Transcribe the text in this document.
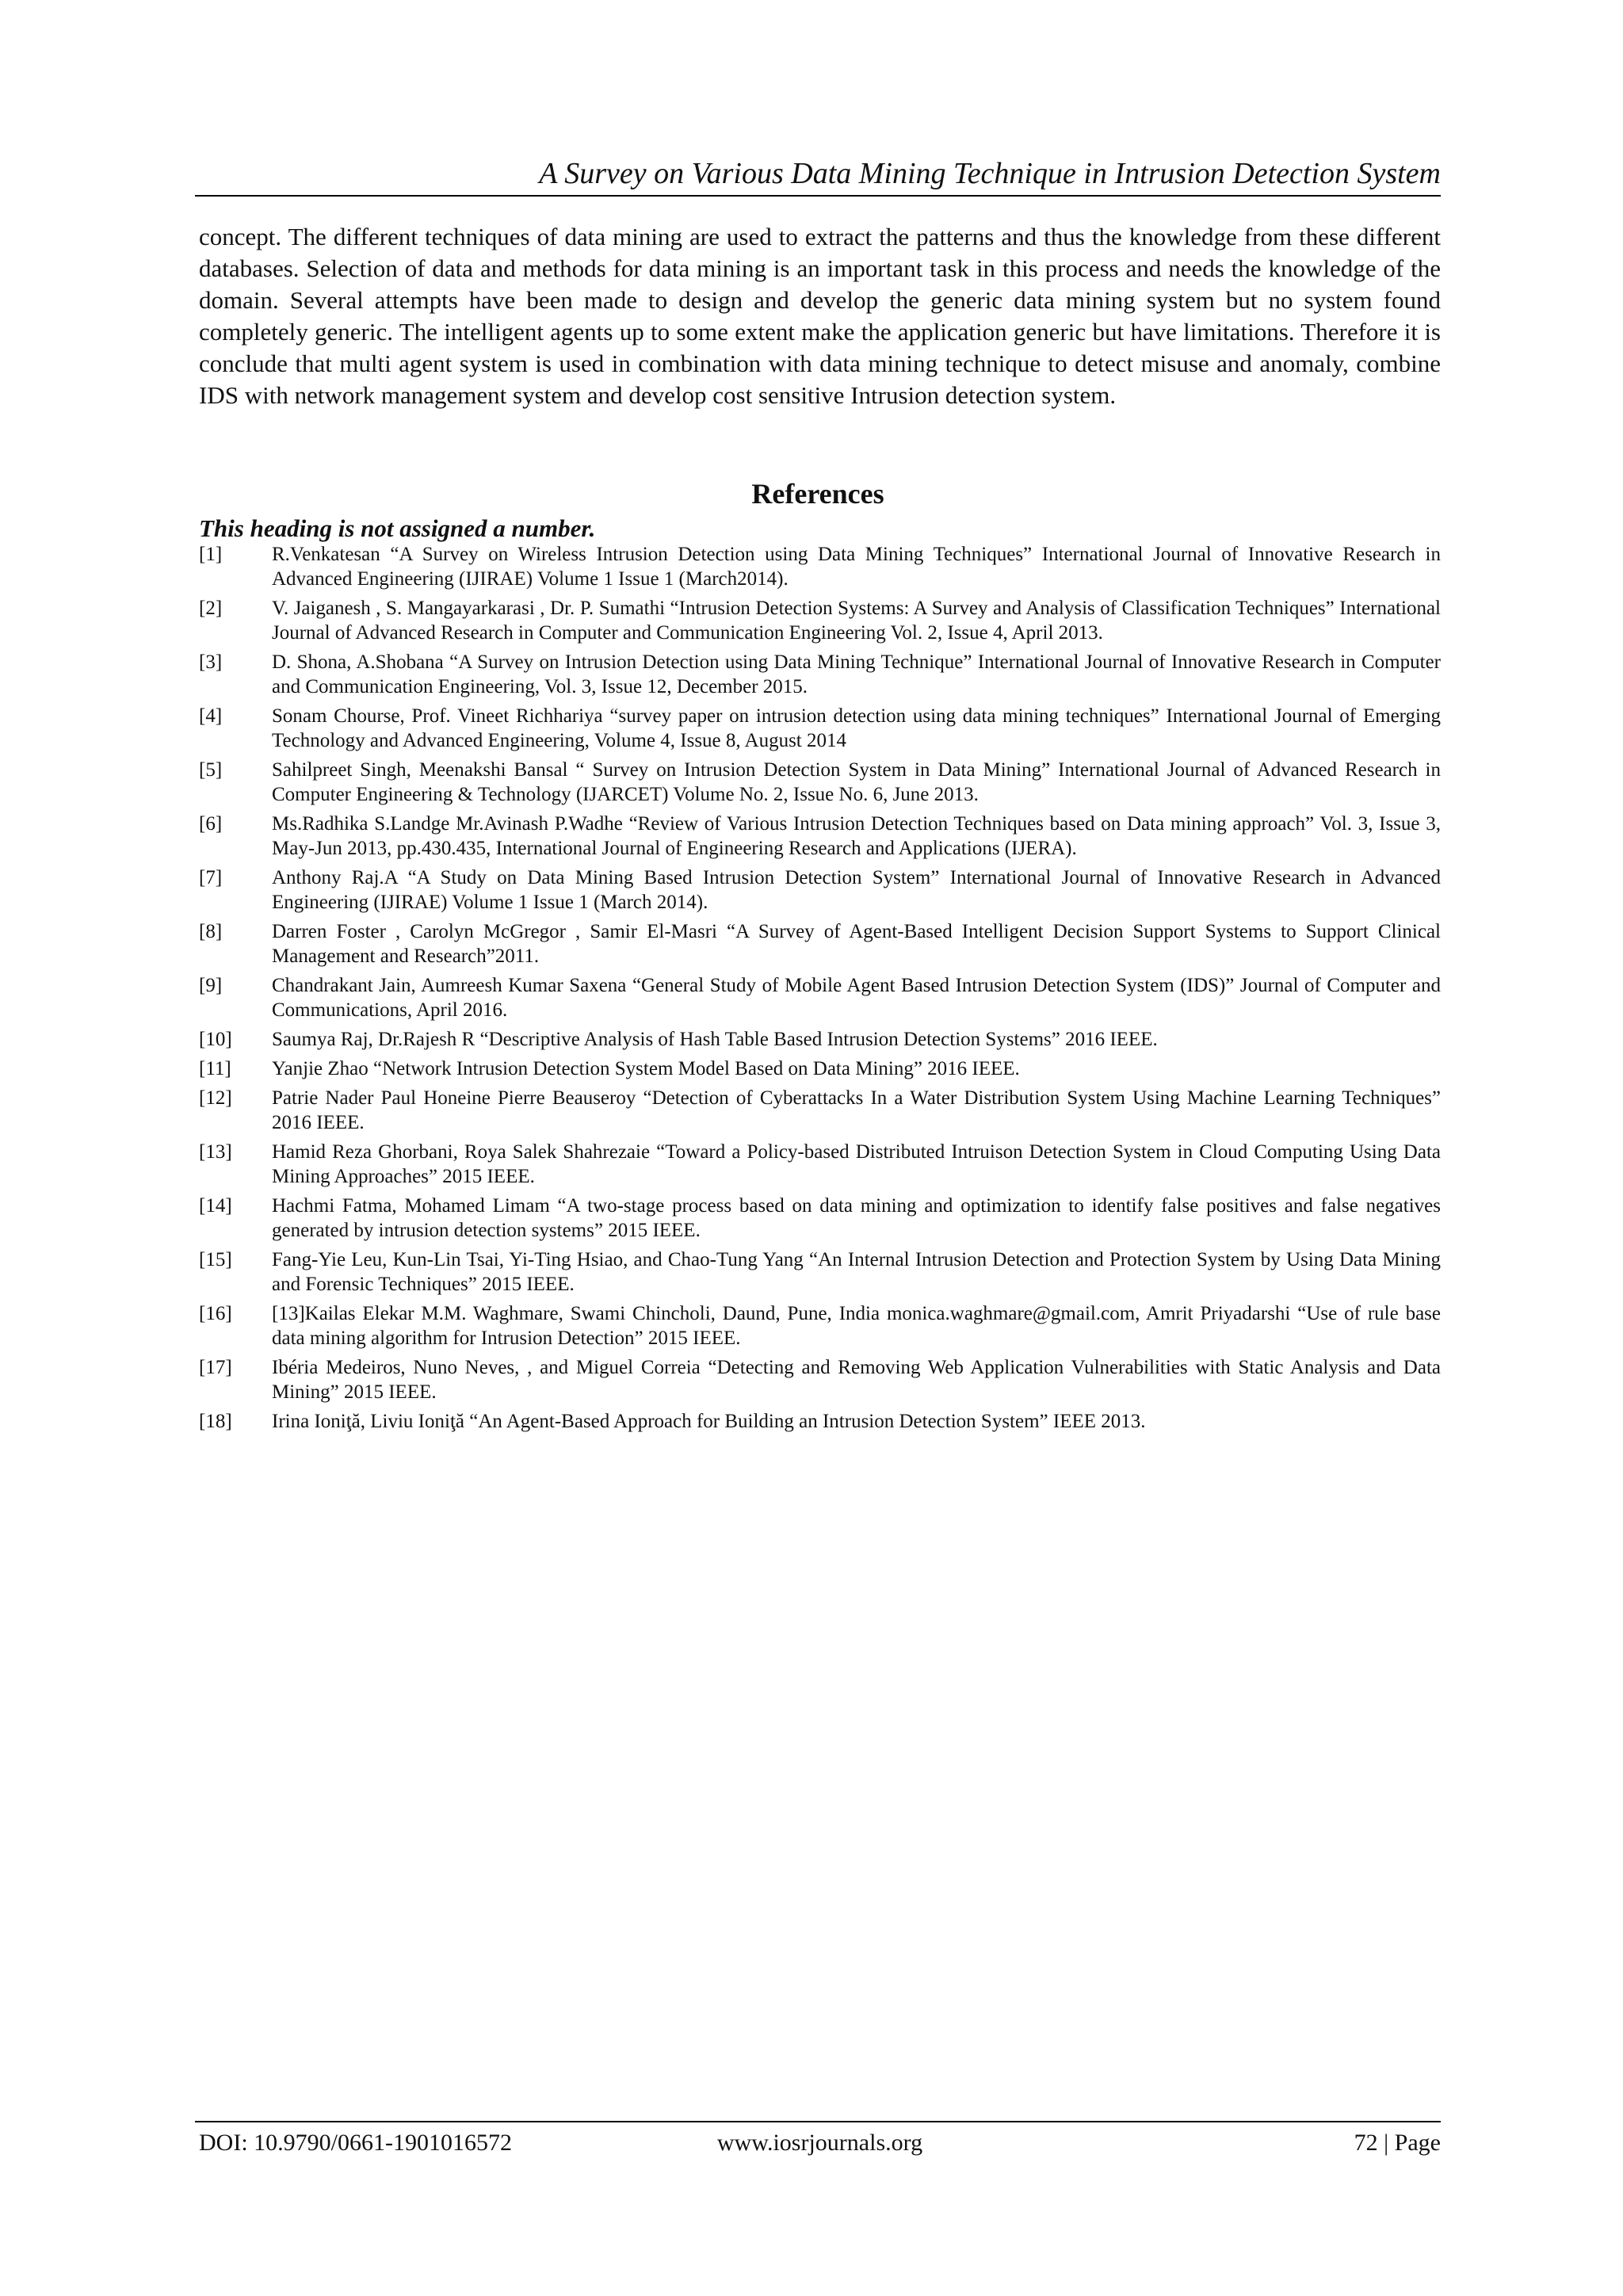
A Survey on Various Data Mining Technique in Intrusion Detection System

concept. The different techniques of data mining are used to extract the patterns and thus the knowledge from these different databases. Selection of data and methods for data mining is an important task in this process and needs the knowledge of the domain. Several attempts have been made to design and develop the generic data mining system but no system found completely generic. The intelligent agents up to some extent make the application generic but have limitations. Therefore it is conclude that multi agent system is used in combination with data mining technique to detect misuse and anomaly, combine IDS with network management system and develop cost sensitive Intrusion detection system.

References
This heading is not assigned a number.
[1]	R.Venkatesan “A Survey on Wireless Intrusion Detection using Data Mining Techniques” International Journal of Innovative Research in Advanced Engineering (IJIRAE) Volume 1 Issue 1 (March2014).
[2]	V. Jaiganesh , S. Mangayarkarasi , Dr. P. Sumathi “Intrusion Detection Systems: A Survey and Analysis of Classification Techniques” International Journal of Advanced Research in Computer and Communication Engineering Vol. 2, Issue 4, April 2013.
[3]	D. Shona, A.Shobana “A Survey on Intrusion Detection using Data Mining Technique” International Journal of Innovative Research in Computer and Communication Engineering, Vol. 3, Issue 12, December 2015.
[4]	Sonam Chourse, Prof. Vineet Richhariya “survey paper on intrusion detection using data mining techniques” International Journal of Emerging Technology and Advanced Engineering, Volume 4, Issue 8, August 2014
[5]	Sahilpreet Singh, Meenakshi Bansal “ Survey on Intrusion Detection System in Data Mining” International Journal of Advanced Research in Computer Engineering & Technology (IJARCET) Volume No. 2, Issue No. 6, June 2013.
[6]	Ms.Radhika S.Landge Mr.Avinash P.Wadhe “Review of Various Intrusion Detection Techniques based on Data mining approach” Vol. 3, Issue 3, May-Jun 2013, pp.430.435, International Journal of Engineering Research and Applications (IJERA).
[7]	Anthony Raj.A “A Study on Data Mining Based Intrusion Detection System” International Journal of Innovative Research in Advanced Engineering (IJIRAE) Volume 1 Issue 1 (March 2014).
[8]	Darren Foster , Carolyn McGregor , Samir El-Masri “A Survey of Agent-Based Intelligent Decision Support Systems to Support Clinical Management and Research”2011.
[9]	Chandrakant Jain, Aumreesh Kumar Saxena “General Study of Mobile Agent Based Intrusion Detection System (IDS)” Journal of Computer and Communications, April 2016.
[10]	Saumya Raj, Dr.Rajesh R “Descriptive Analysis of Hash Table Based Intrusion Detection Systems” 2016 IEEE.
[11]	Yanjie Zhao “Network Intrusion Detection System Model Based on Data Mining” 2016 IEEE.
[12]	Patrie Nader Paul Honeine Pierre Beauseroy “Detection of Cyberattacks In a Water Distribution System Using Machine Learning Techniques” 2016 IEEE.
[13]	Hamid Reza Ghorbani, Roya Salek Shahrezaie “Toward a Policy-based Distributed Intruison Detection System in Cloud Computing Using Data Mining Approaches” 2015 IEEE.
[14]	Hachmi Fatma, Mohamed Limam “A two-stage process based on data mining and optimization to identify false positives and false negatives generated by intrusion detection systems” 2015 IEEE.
[15]	Fang-Yie Leu, Kun-Lin Tsai, Yi-Ting Hsiao, and Chao-Tung Yang “An Internal Intrusion Detection and Protection System by Using Data Mining and Forensic Techniques” 2015 IEEE.
[16]	[13]Kailas Elekar M.M. Waghmare, Swami Chincholi, Daund, Pune, India monica.waghmare@gmail.com, Amrit Priyadarshi “Use of rule base data mining algorithm for Intrusion Detection” 2015 IEEE.
[17]	Ibéria Medeiros, Nuno Neves, , and Miguel Correia “Detecting and Removing Web Application Vulnerabilities with Static Analysis and Data Mining” 2015 IEEE.
[18]	Irina Ioniţă, Liviu Ioniţă “An Agent-Based Approach for Building an Intrusion Detection System” IEEE 2013.
DOI: 10.9790/0661-1901016572	www.iosrjournals.org	72 | Page
